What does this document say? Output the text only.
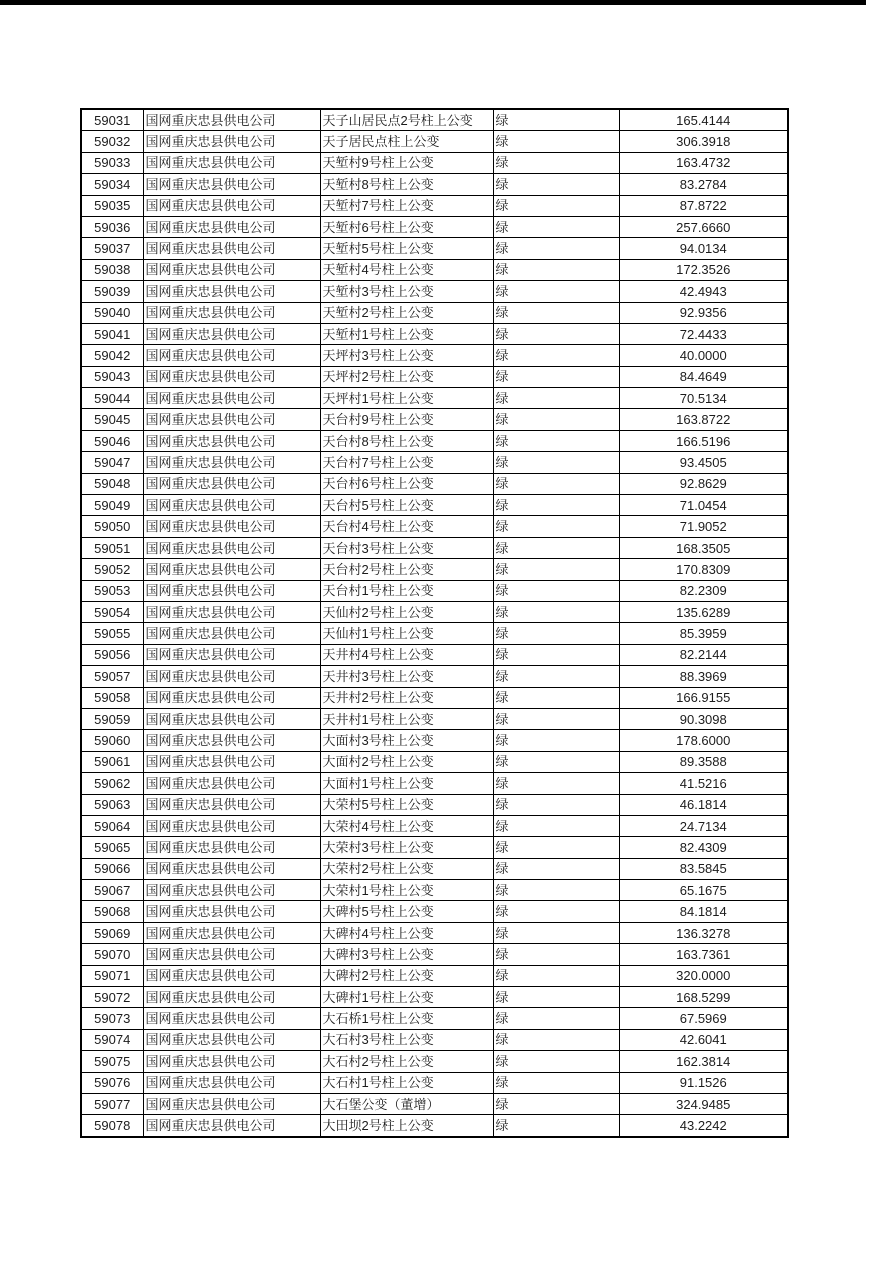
59031	国网重庆忠县供电公司	天子山居民点2号柱上公变	绿	165.4144
59032	国网重庆忠县供电公司	天子居民点柱上公变	绿	306.3918
59033	国网重庆忠县供电公司	天堑村9号柱上公变	绿	163.4732
59034	国网重庆忠县供电公司	天堑村8号柱上公变	绿	83.2784
59035	国网重庆忠县供电公司	天堑村7号柱上公变	绿	87.8722
59036	国网重庆忠县供电公司	天堑村6号柱上公变	绿	257.6660
59037	国网重庆忠县供电公司	天堑村5号柱上公变	绿	94.0134
59038	国网重庆忠县供电公司	天堑村4号柱上公变	绿	172.3526
59039	国网重庆忠县供电公司	天堑村3号柱上公变	绿	42.4943
59040	国网重庆忠县供电公司	天堑村2号柱上公变	绿	92.9356
59041	国网重庆忠县供电公司	天堑村1号柱上公变	绿	72.4433
59042	国网重庆忠县供电公司	天坪村3号柱上公变	绿	40.0000
59043	国网重庆忠县供电公司	天坪村2号柱上公变	绿	84.4649
59044	国网重庆忠县供电公司	天坪村1号柱上公变	绿	70.5134
59045	国网重庆忠县供电公司	天台村9号柱上公变	绿	163.8722
59046	国网重庆忠县供电公司	天台村8号柱上公变	绿	166.5196
59047	国网重庆忠县供电公司	天台村7号柱上公变	绿	93.4505
59048	国网重庆忠县供电公司	天台村6号柱上公变	绿	92.8629
59049	国网重庆忠县供电公司	天台村5号柱上公变	绿	71.0454
59050	国网重庆忠县供电公司	天台村4号柱上公变	绿	71.9052
59051	国网重庆忠县供电公司	天台村3号柱上公变	绿	168.3505
59052	国网重庆忠县供电公司	天台村2号柱上公变	绿	170.8309
59053	国网重庆忠县供电公司	天台村1号柱上公变	绿	82.2309
59054	国网重庆忠县供电公司	天仙村2号柱上公变	绿	135.6289
59055	国网重庆忠县供电公司	天仙村1号柱上公变	绿	85.3959
59056	国网重庆忠县供电公司	天井村4号柱上公变	绿	82.2144
59057	国网重庆忠县供电公司	天井村3号柱上公变	绿	88.3969
59058	国网重庆忠县供电公司	天井村2号柱上公变	绿	166.9155
59059	国网重庆忠县供电公司	天井村1号柱上公变	绿	90.3098
59060	国网重庆忠县供电公司	大面村3号柱上公变	绿	178.6000
59061	国网重庆忠县供电公司	大面村2号柱上公变	绿	89.3588
59062	国网重庆忠县供电公司	大面村1号柱上公变	绿	41.5216
59063	国网重庆忠县供电公司	大荣村5号柱上公变	绿	46.1814
59064	国网重庆忠县供电公司	大荣村4号柱上公变	绿	24.7134
59065	国网重庆忠县供电公司	大荣村3号柱上公变	绿	82.4309
59066	国网重庆忠县供电公司	大荣村2号柱上公变	绿	83.5845
59067	国网重庆忠县供电公司	大荣村1号柱上公变	绿	65.1675
59068	国网重庆忠县供电公司	大碑村5号柱上公变	绿	84.1814
59069	国网重庆忠县供电公司	大碑村4号柱上公变	绿	136.3278
59070	国网重庆忠县供电公司	大碑村3号柱上公变	绿	163.7361
59071	国网重庆忠县供电公司	大碑村2号柱上公变	绿	320.0000
59072	国网重庆忠县供电公司	大碑村1号柱上公变	绿	168.5299
59073	国网重庆忠县供电公司	大石桥1号柱上公变	绿	67.5969
59074	国网重庆忠县供电公司	大石村3号柱上公变	绿	42.6041
59075	国网重庆忠县供电公司	大石村2号柱上公变	绿	162.3814
59076	国网重庆忠县供电公司	大石村1号柱上公变	绿	91.1526
59077	国网重庆忠县供电公司	大石堡公变（董增）	绿	324.9485
59078	国网重庆忠县供电公司	大田坝2号柱上公变	绿	43.2242
